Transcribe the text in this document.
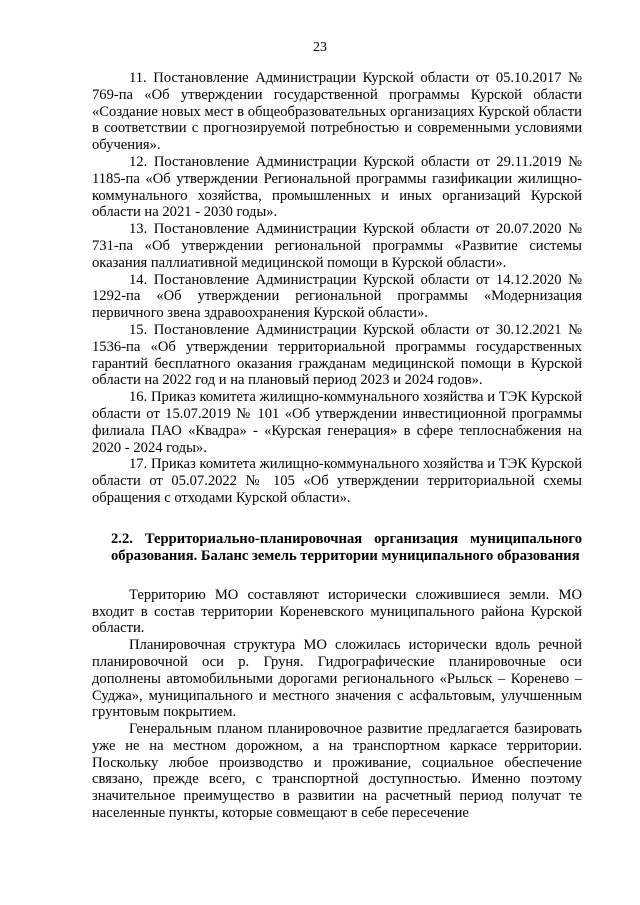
23

11. Постановление Администрации Курской области от 05.10.2017 № 769-па «Об утверждении государственной программы Курской области «Создание новых мест в общеобразовательных организациях Курской области в соответствии с прогнозируемой потребностью и современными условиями обучения».

12. Постановление Администрации Курской области от 29.11.2019 № 1185-па «Об утверждении Региональной программы газификации жилищно-коммунального хозяйства, промышленных и иных организаций Курской области на 2021 - 2030 годы».

13. Постановление Администрации Курской области от 20.07.2020 № 731-па «Об утверждении региональной программы «Развитие системы оказания паллиативной медицинской помощи в Курской области».

14. Постановление Администрации Курской области от 14.12.2020 № 1292-па «Об утверждении региональной программы «Модернизация первичного звена здравоохранения Курской области».

15. Постановление Администрации Курской области от 30.12.2021 № 1536-па «Об утверждении территориальной программы государственных гарантий бесплатного оказания гражданам медицинской помощи в Курской области на 2022 год и на плановый период 2023 и 2024 годов».

16. Приказ комитета жилищно-коммунального хозяйства и ТЭК Курской области от 15.07.2019 № 101 «Об утверждении инвестиционной программы филиала ПАО «Квадра» - «Курская генерация» в сфере теплоснабжения на 2020 - 2024 годы».

17. Приказ комитета жилищно-коммунального хозяйства и ТЭК Курской области от 05.07.2022 № 105 «Об утверждении территориальной схемы обращения с отходами Курской области».

2.2. Территориально-планировочная организация муниципального образования. Баланс земель территории муниципального образования

Территорию МО составляют исторически сложившиеся земли. МО входит в состав территории Кореневского муниципального района Курской области.

Планировочная структура МО сложилась исторически вдоль речной планировочной оси р. Груня. Гидрографические планировочные оси дополнены автомобильными дорогами регионального «Рыльск – Коренево – Суджа», муниципального и местного значения с асфальтовым, улучшенным грунтовым покрытием.

Генеральным планом планировочное развитие предлагается базировать уже не на местном дорожном, а на транспортном каркасе территории. Поскольку любое производство и проживание, социальное обеспечение связано, прежде всего, с транспортной доступностью. Именно поэтому значительное преимущество в развитии на расчетный период получат те населенные пункты, которые совмещают в себе пересечение
